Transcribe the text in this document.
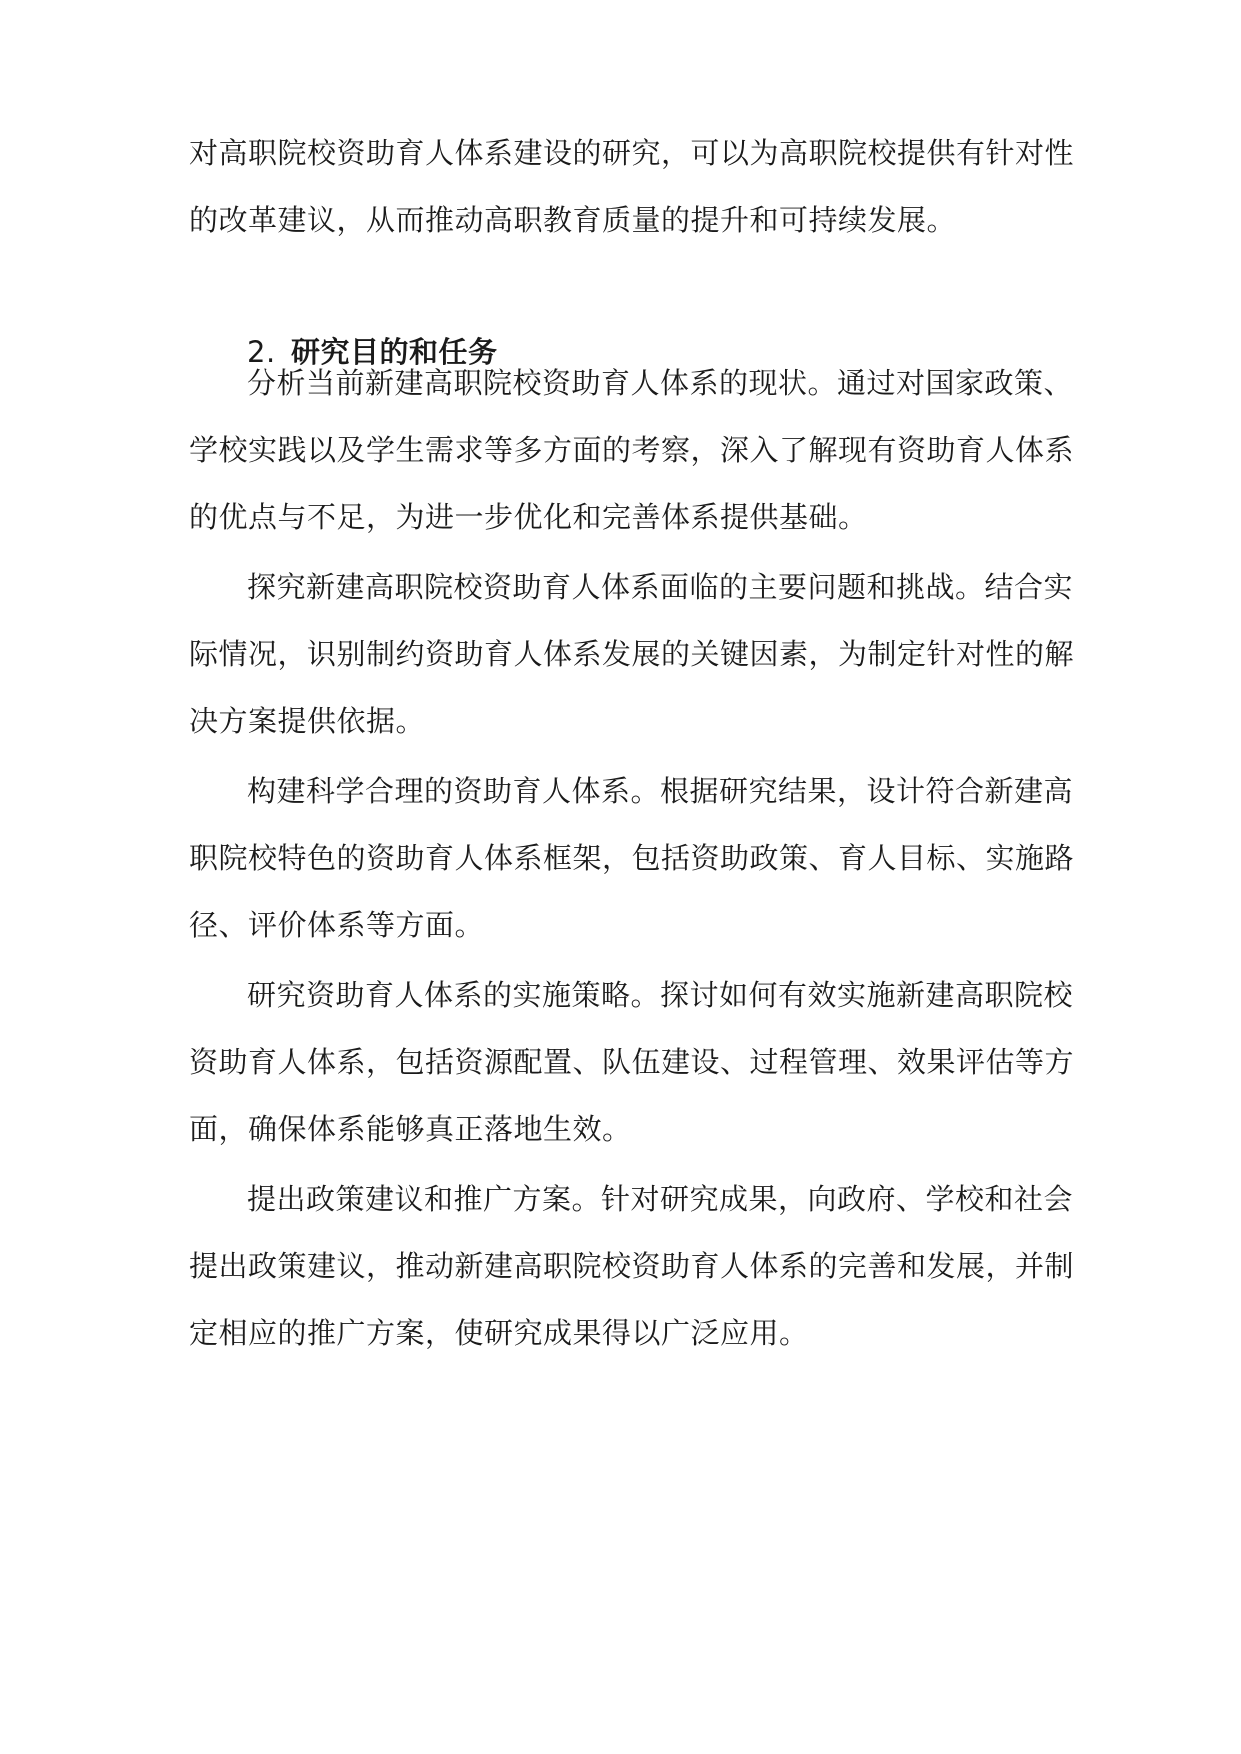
对高职院校资助育人体系建设的研究，可以为高职院校提供有针对性
的改革建议，从而推动高职教育质量的提升和可持续发展。
2. 研究目的和任务
分析当前新建高职院校资助育人体系的现状。通过对国家政策、
学校实践以及学生需求等多方面的考察，深入了解现有资助育人体系
的优点与不足，为进一步优化和完善体系提供基础。
探究新建高职院校资助育人体系面临的主要问题和挑战。结合实
际情况，识别制约资助育人体系发展的关键因素，为制定针对性的解
决方案提供依据。
构建科学合理的资助育人体系。根据研究结果，设计符合新建高
职院校特色的资助育人体系框架，包括资助政策、育人目标、实施路
径、评价体系等方面。
研究资助育人体系的实施策略。探讨如何有效实施新建高职院校
资助育人体系，包括资源配置、队伍建设、过程管理、效果评估等方
面，确保体系能够真正落地生效。
提出政策建议和推广方案。针对研究成果，向政府、学校和社会
提出政策建议，推动新建高职院校资助育人体系的完善和发展，并制
定相应的推广方案，使研究成果得以广泛应用。
